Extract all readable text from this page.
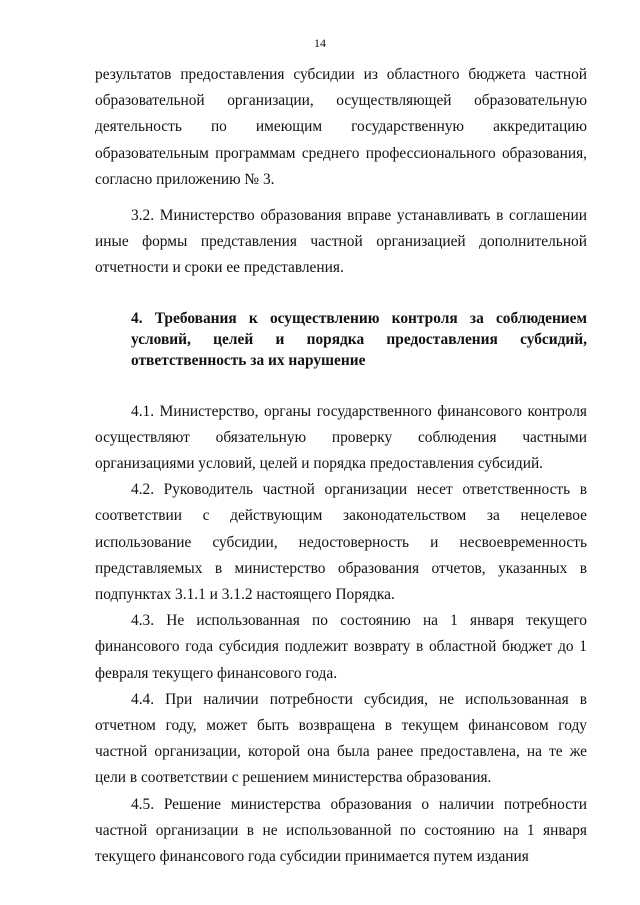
14

результатов предоставления субсидии из областного бюджета частной образовательной организации, осуществляющей образовательную деятельность по имеющим государственную аккредитацию образовательным программам среднего профессионального образования, согласно приложению № 3.

3.2. Министерство образования вправе устанавливать в соглашении иные формы представления частной организацией дополнительной отчетности и сроки ее представления.

4. Требования к осуществлению контроля за соблюдением условий, целей и порядка предоставления субсидий, ответственность за их нарушение

4.1. Министерство, органы государственного финансового контроля осуществляют обязательную проверку соблюдения частными организациями условий, целей и порядка предоставления субсидий.

4.2. Руководитель частной организации несет ответственность в соответствии с действующим законодательством за нецелевое использование субсидии, недостоверность и несвоевременность представляемых в министерство образования отчетов, указанных в подпунктах 3.1.1 и 3.1.2 настоящего Порядка.

4.3. Не использованная по состоянию на 1 января текущего финансового года субсидия подлежит возврату в областной бюджет до 1 февраля текущего финансового года.

4.4. При наличии потребности субсидия, не использованная в отчетном году, может быть возвращена в текущем финансовом году частной организации, которой она была ранее предоставлена, на те же цели в соответствии с решением министерства образования.

4.5. Решение министерства образования о наличии потребности частной организации в не использованной по состоянию на 1 января текущего финансового года субсидии принимается путем издания
